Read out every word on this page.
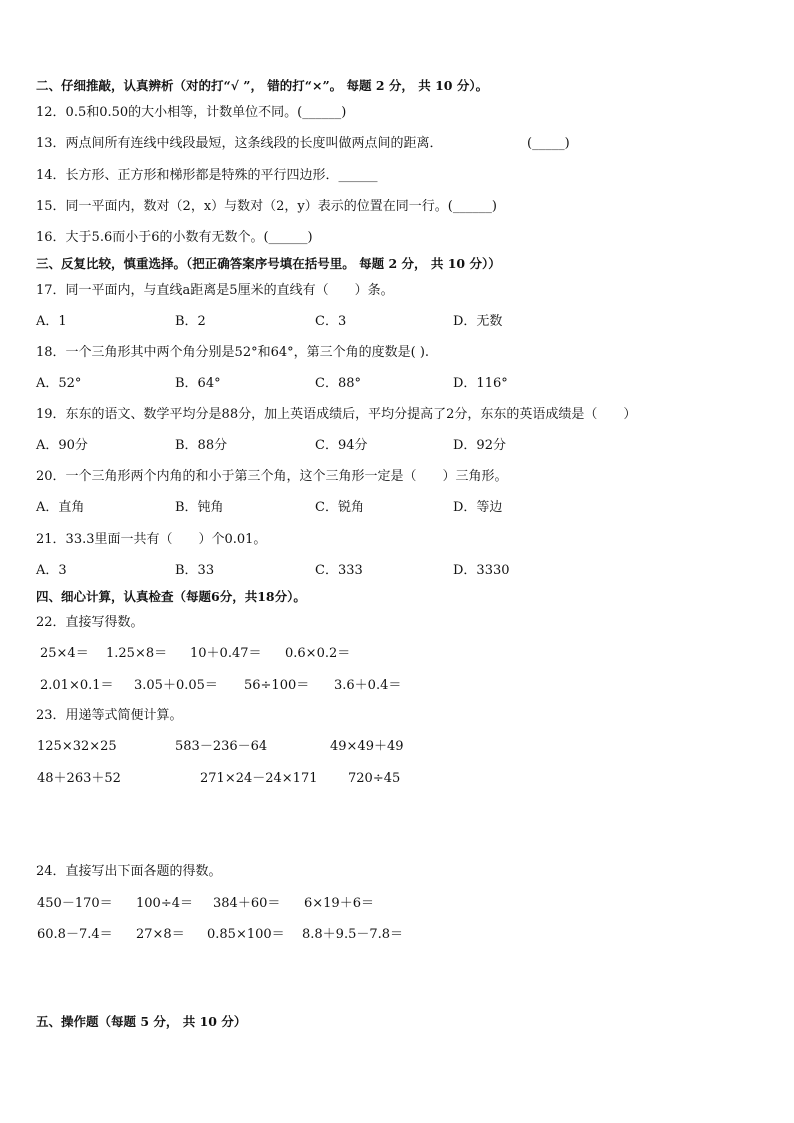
二、仔细推敲，认真辨析（对的打“√ ”， 错的打“×”。 每题 2 分， 共 10 分）。
12．0.5和0.50的大小相等，计数单位不同。(______)
13．两点间所有连线中线段最短，这条线段的长度叫做两点间的距离．	(_____)
14．长方形、正方形和梯形都是特殊的平行四边形．______
15．同一平面内，数对（2，x）与数对（2，y）表示的位置在同一行。(______)
16．大于5.6而小于6的小数有无数个。(______)
三、反复比较，慎重选择。（把正确答案序号填在括号里。 每题 2 分， 共 10 分））
17．同一平面内，与直线a距离是5厘米的直线有（　　）条。
A．1	B．2	C．3	D．无数
18．一个三角形其中两个角分别是52°和64°，第三个角的度数是( ).
A．52°	B．64°	C．88°	D．116°
19．东东的语文、数学平均分是88分，加上英语成绩后，平均分提高了2分，东东的英语成绩是（　　）
A．90分	B．88分	C．94分	D．92分
20．一个三角形两个内角的和小于第三个角，这个三角形一定是（　　）三角形。
A．直角	B．钝角	C．锐角	D．等边
21．33.3里面一共有（　　）个0.01。
A．3	B．33	C．333	D．3330
四、细心计算，认真检查（每题6分，共18分）。
22．直接写得数。
25×4＝ 1.25×8＝ 10＋0.47＝ 0.6×0.2＝
2.01×0.1＝ 3.05＋0.05＝ 56÷100＝ 3.6＋0.4＝
23．用递等式简便计算。
125×32×25	583－236－64	49×49＋49
48＋263＋52	271×24－24×171 720÷45
24．直接写出下面各题的得数。
450－170＝ 100÷4＝ 384＋60＝ 6×19＋6＝
60.8－7.4＝ 27×8＝ 0.85×100＝ 8.8＋9.5－7.8＝
五、操作题（每题 5 分， 共 10 分）
